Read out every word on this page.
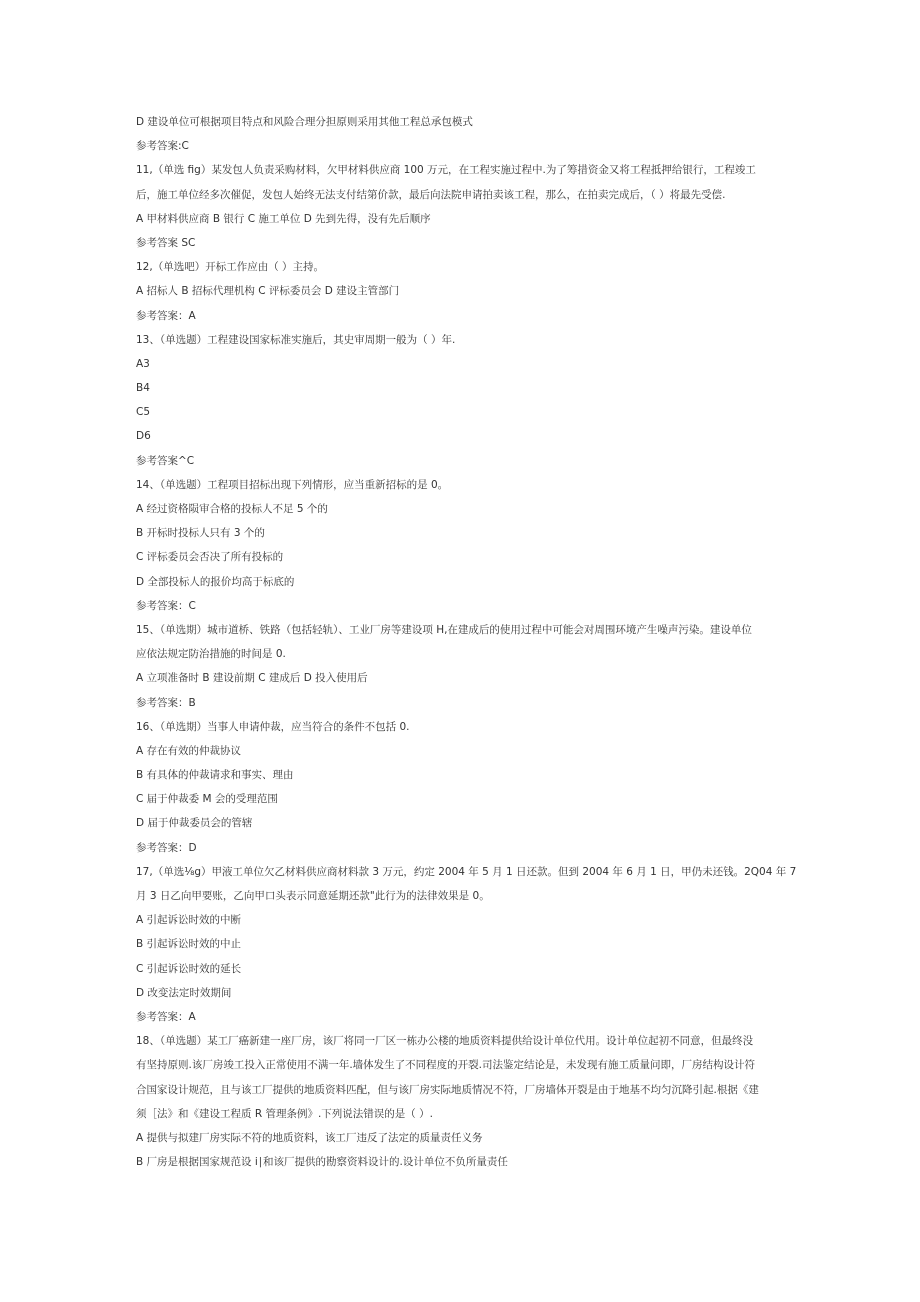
D 建设单位可根据项目特点和风险合理分担原则采用其他工程总承包模式
参考答案:C
11,（单选 fig）某发包人负责采购材料，欠甲材料供应商 100 万元，在工程实施过程中.为了筹措资金又将工程抵押给银行，工程竣工
后，施工单位经多次催促，发包人始终无法支付结第价款，最后向法院申请拍卖该工程，那么，在拍卖完成后，（ ）将最先受偿.
A 甲材料供应商 B 银行 C 施工单位 D 先到先得，没有先后顺序
参考答案 SC
12,（单选吧）开标工作应由（ ）主持。
A 招标人 B 招标代理机构 C 评标委员会 D 建设主管部门
参考答案：A
13、（单选题）工程建设国家标准实施后，其史审周期一般为（ ）年.
A3
B4
C5
D6
参考答案^C
14、（单选题）工程项目招标出现下列情形，应当重新招标的是 0。
A 经过资格陨审合格的投标人不足 5 个的
B 开标时投标人只有 3 个的
C 评标委员会否决了所有投标的
D 全部投标人的报价均高于标底的
参考答案：C
15、（单选期）城市道桥、铁路（包括轻轨）、工业厂房等建设项 H,在建成后的使用过程中可能会对周围环境产生噪声污染。建设单位
应依法规定防治措施的时间是 0.
A 立项准备时 B 建设前期 C 建成后 D 投入使用后
参考答案：B
16、（单选期）当事人申请仲裁，应当符合的条件不包括 0.
A 存在有效的仲裁协议
B 有具体的仲裁请求和事实、理由
C 届于仲裁委 M 会的受理范围
D 届于仲裁委员会的管辖
参考答案：D
17,（单选⅛g）甲液工单位欠乙材料供应商材料款 3 万元，约定 2004 年 5 月 1 日还款。但到 2004 年 6 月 1 日，甲仍未还钱。2Q04 年 7
月 3 日乙向甲要账，乙向甲口头表示同意延期还款"此行为的法律效果是 0。
A 引起诉讼时效的中断
B 引起诉讼时效的中止
C 引起诉讼时效的延长
D 改变法定时效期间
参考答案：A
18、（单选题）某工厂癌新建一座厂房，该厂将同一厂区一栋办公楼的地质资料提供给设计单位代用。设计单位起初不同意，但最终没
有坚持原则.该厂房竣工投入正常使用不满一年.墙体发生了不同程度的开裂.司法鉴定结论是，未发现有施工质量问即，厂房结构设计符
合国家设计规范，且与该工厂提供的地质资料匹配，但与该厂房实际地质情况不符，厂房墙体开裂是由于地基不均匀沉降引起.根据《建
须［法》和《建设工程质 R 管理条例》.下列说法错误的是（ ）.
A 提供与拟建厂房实际不符的地质资料，该工厂违反了法定的质量责任义务
B 厂房是根据国家规范设 i∣和该厂提供的勘察资料设计的.设计单位不负所量责任
